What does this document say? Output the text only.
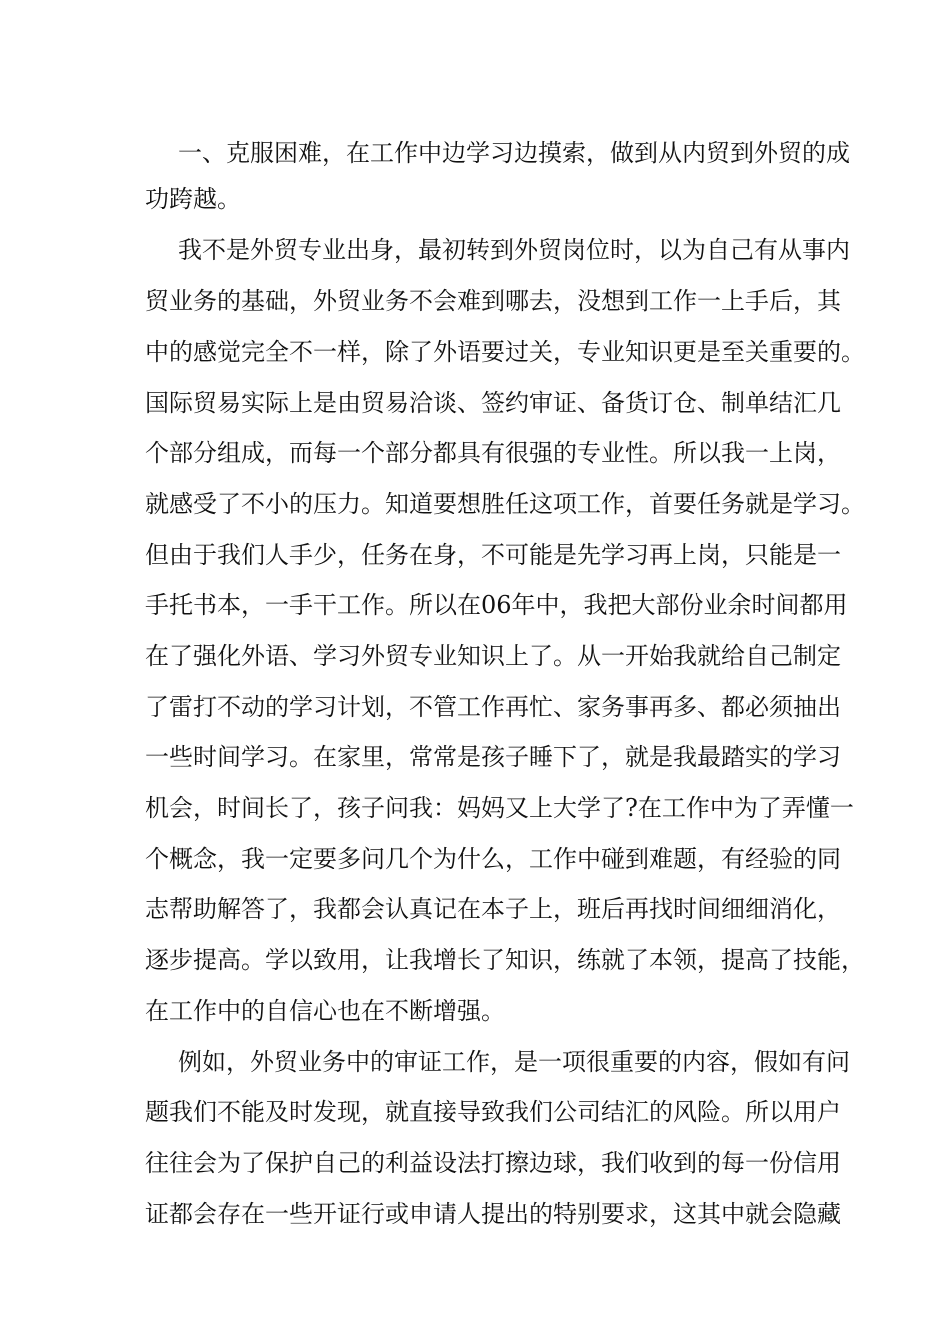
一、克服困难，在工作中边学习边摸索，做到从内贸到外贸的成
功跨越。
我不是外贸专业出身，最初转到外贸岗位时，以为自己有从事内
贸业务的基础，外贸业务不会难到哪去，没想到工作一上手后，其
中的感觉完全不一样，除了外语要过关，专业知识更是至关重要的。
国际贸易实际上是由贸易洽谈、签约审证、备货订仓、制单结汇几
个部分组成，而每一个部分都具有很强的专业性。所以我一上岗，
就感受了不小的压力。知道要想胜任这项工作，首要任务就是学习。
但由于我们人手少，任务在身，不可能是先学习再上岗，只能是一
手托书本，一手干工作。所以在06年中，我把大部份业余时间都用
在了强化外语、学习外贸专业知识上了。从一开始我就给自己制定
了雷打不动的学习计划，不管工作再忙、家务事再多、都必须抽出
一些时间学习。在家里，常常是孩子睡下了，就是我最踏实的学习
机会，时间长了，孩子问我：妈妈又上大学了?在工作中为了弄懂一
个概念，我一定要多问几个为什么，工作中碰到难题，有经验的同
志帮助解答了，我都会认真记在本子上，班后再找时间细细消化，
逐步提高。学以致用，让我增长了知识，练就了本领，提高了技能，
在工作中的自信心也在不断增强。
例如，外贸业务中的审证工作，是一项很重要的内容，假如有问
题我们不能及时发现，就直接导致我们公司结汇的风险。所以用户
往往会为了保护自己的利益设法打擦边球，我们收到的每一份信用
证都会存在一些开证行或申请人提出的特别要求，这其中就会隐藏
